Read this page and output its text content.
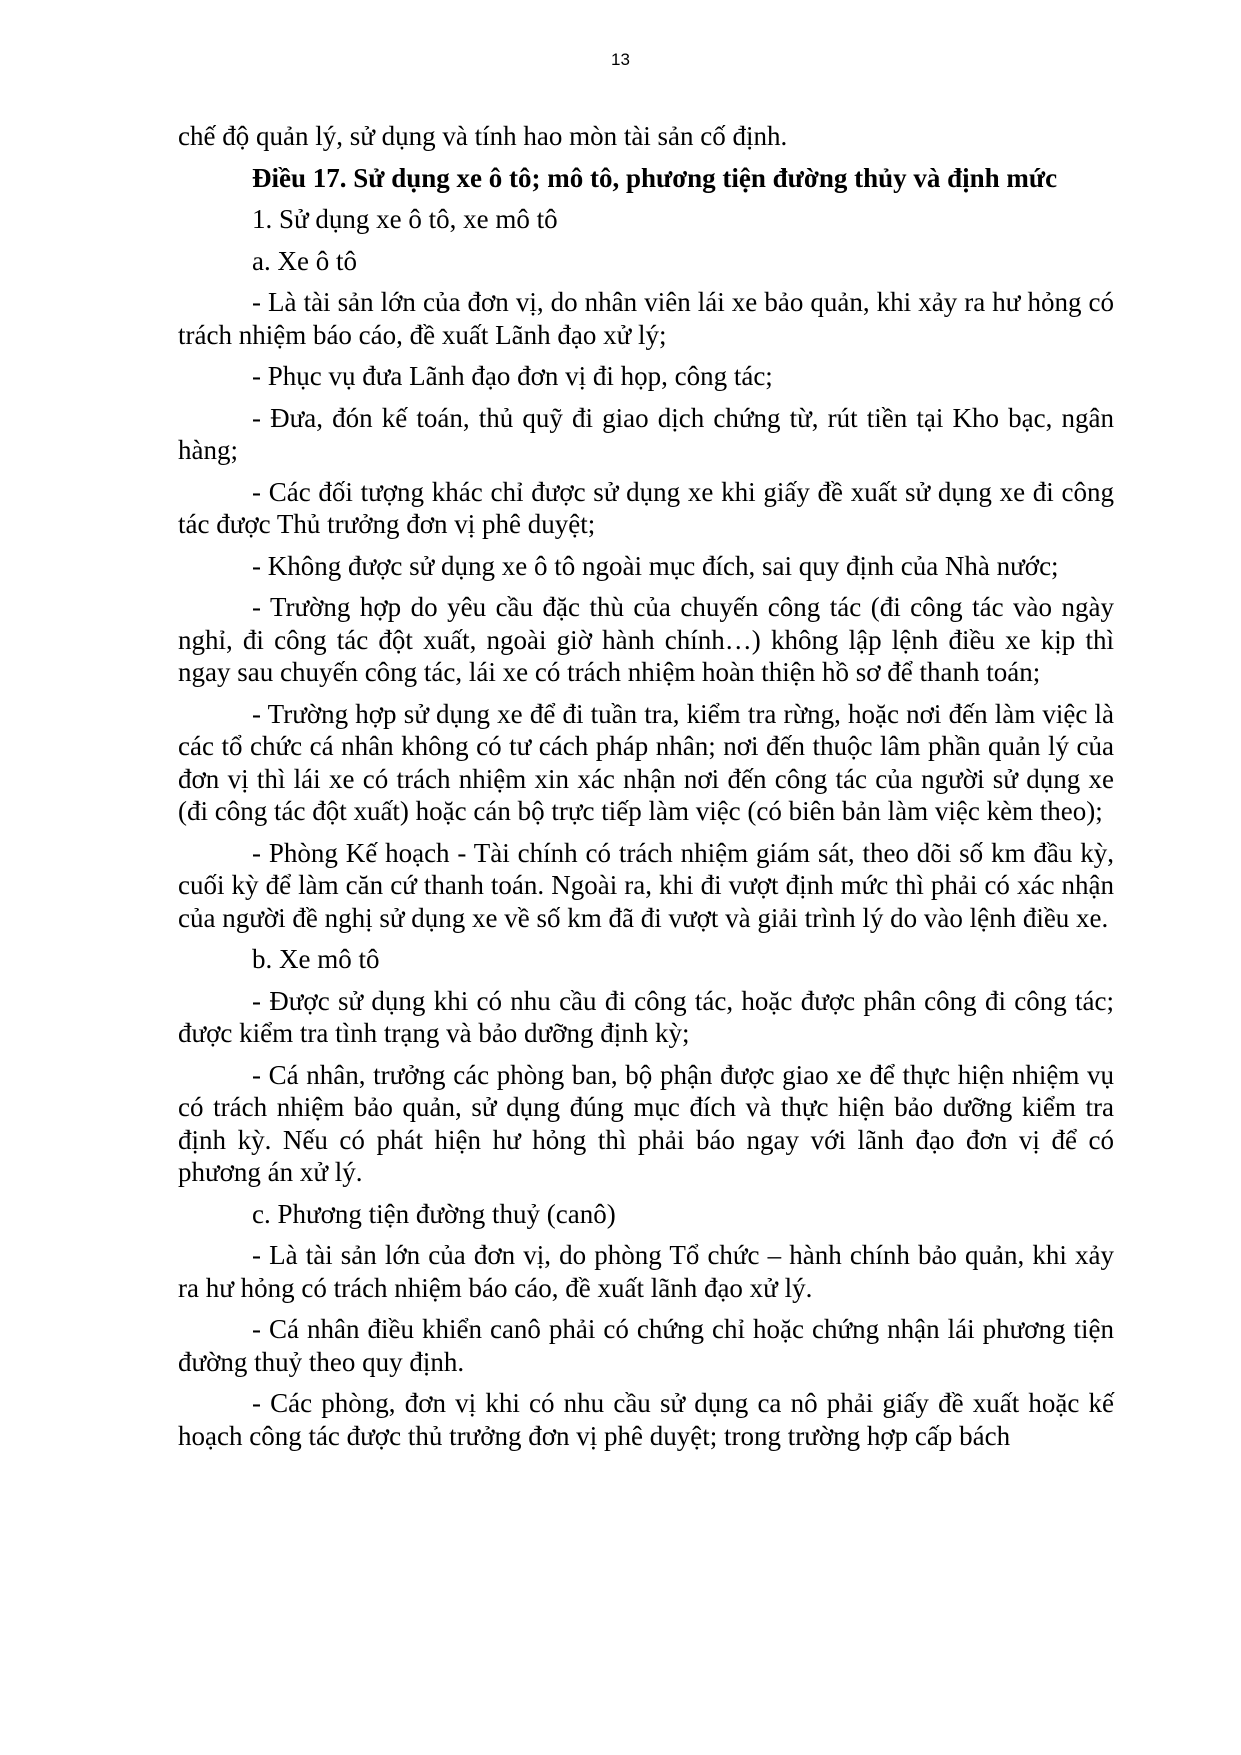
13

chế độ quản lý, sử dụng và tính hao mòn tài sản cố định.

Điều 17. Sử dụng xe ô tô; mô tô, phương tiện đường thủy và định mức

1. Sử dụng xe ô tô, xe mô tô

a. Xe ô tô

- Là tài sản lớn của đơn vị, do nhân viên lái xe bảo quản, khi xảy ra hư hỏng có trách nhiệm báo cáo, đề xuất Lãnh đạo xử lý;

- Phục vụ đưa Lãnh đạo đơn vị đi họp, công tác;

- Đưa, đón kế toán, thủ quỹ đi giao dịch chứng từ, rút tiền tại Kho bạc, ngân hàng;

- Các đối tượng khác chỉ được sử dụng xe khi giấy đề xuất sử dụng xe đi công tác được Thủ trưởng đơn vị phê duyệt;

- Không được sử dụng xe ô tô ngoài mục đích, sai quy định của Nhà nước;

- Trường hợp do yêu cầu đặc thù của chuyến công tác (đi công tác vào ngày nghỉ, đi công tác đột xuất, ngoài giờ hành chính…) không lập lệnh điều xe kịp thì ngay sau chuyến công tác, lái xe có trách nhiệm hoàn thiện hồ sơ để thanh toán;

- Trường hợp sử dụng xe để đi tuần tra, kiểm tra rừng, hoặc nơi đến làm việc là các tổ chức cá nhân không có tư cách pháp nhân; nơi đến thuộc lâm phần quản lý của đơn vị thì lái xe có trách nhiệm xin xác nhận nơi đến công tác của người sử dụng xe (đi công tác đột xuất) hoặc cán bộ trực tiếp làm việc (có biên bản làm việc kèm theo);

- Phòng Kế hoạch - Tài chính có trách nhiệm giám sát, theo dõi số km đầu kỳ, cuối kỳ để làm căn cứ thanh toán. Ngoài ra, khi đi vượt định mức thì phải có xác nhận của người đề nghị sử dụng xe về số km đã đi vượt và giải trình lý do vào lệnh điều xe.

b. Xe mô tô

- Được sử dụng khi có nhu cầu đi công tác, hoặc được phân công đi công tác; được kiểm tra tình trạng và bảo dưỡng định kỳ;

- Cá nhân, trưởng các phòng ban, bộ phận được giao xe để thực hiện nhiệm vụ có trách nhiệm bảo quản, sử dụng đúng mục đích và thực hiện bảo dưỡng kiểm tra định kỳ. Nếu có phát hiện hư hỏng thì phải báo ngay với lãnh đạo đơn vị để có phương án xử lý.

c. Phương tiện đường thuỷ (canô)

- Là tài sản lớn của đơn vị, do phòng Tổ chức – hành chính bảo quản, khi xảy ra hư hỏng có trách nhiệm báo cáo, đề xuất lãnh đạo xử lý.

- Cá nhân điều khiển canô phải có chứng chỉ hoặc chứng nhận lái phương tiện đường thuỷ theo quy định.

- Các phòng, đơn vị khi có nhu cầu sử dụng ca nô phải giấy đề xuất hoặc kế hoạch công tác được thủ trưởng đơn vị phê duyệt; trong trường hợp cấp bách
